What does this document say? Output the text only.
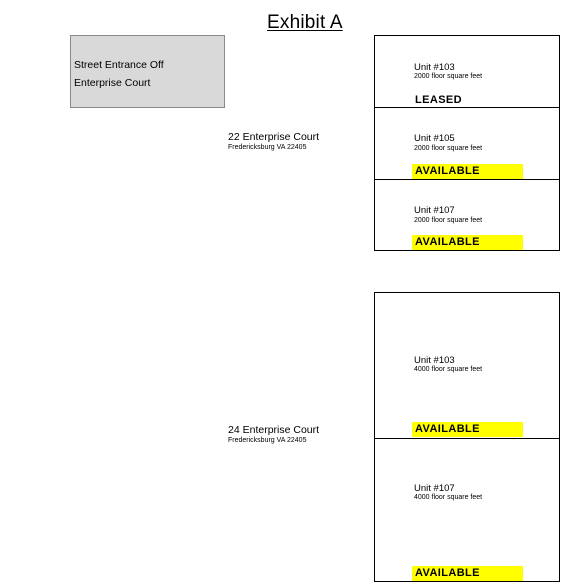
Exhibit A
Street Entrance Off
Enterprise Court
22 Enterprise Court
Fredericksburg VA 22405
Unit #103
2000 floor square feet
LEASED
Unit #105
2000 floor square feet
AVAILABLE
Unit #107
2000 floor square feet
AVAILABLE
24 Enterprise Court
Fredericksburg VA 22405
Unit #103
4000 floor square feet
AVAILABLE
Unit #107
4000 floor square feet
AVAILABLE
